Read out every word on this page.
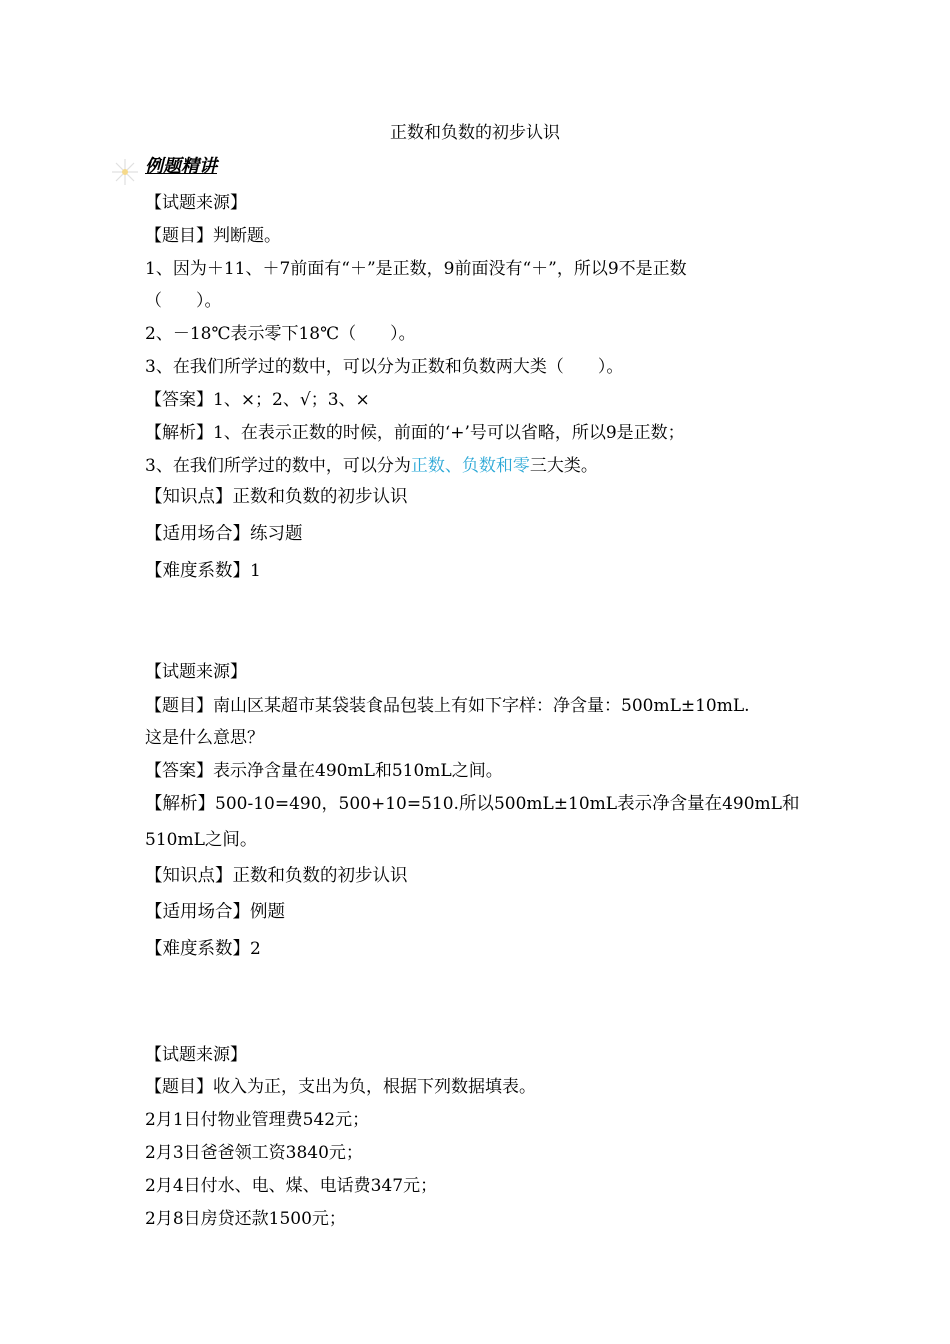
正数和负数的初步认识
例题精讲
【试题来源】
【题目】判断题。
1、因为＋11、＋7前面有“＋”是正数，9前面没有“＋”，所以9不是正数
（　　）。
2、－18℃表示零下18℃（　　）。
3、在我们所学过的数中，可以分为正数和负数两大类（　　）。
【答案】1、×；2、√；3、×
【解析】1、在表示正数的时候，前面的‘+’号可以省略，所以9是正数；
3、在我们所学过的数中，可以分为正数、负数和零三大类。
【知识点】正数和负数的初步认识
【适用场合】练习题
【难度系数】1
【试题来源】
【题目】南山区某超市某袋装食品包装上有如下字样：净含量：500mL±10mL.
这是什么意思？
【答案】表示净含量在490mL和510mL之间。
【解析】500-10=490，500+10=510.所以500mL±10mL表示净含量在490mL和
510mL之间。
【知识点】正数和负数的初步认识
【适用场合】例题
【难度系数】2
【试题来源】
【题目】收入为正，支出为负，根据下列数据填表。
2月1日付物业管理费542元；
2月3日爸爸领工资3840元；
2月4日付水、电、煤、电话费347元；
2月8日房贷还款1500元；
